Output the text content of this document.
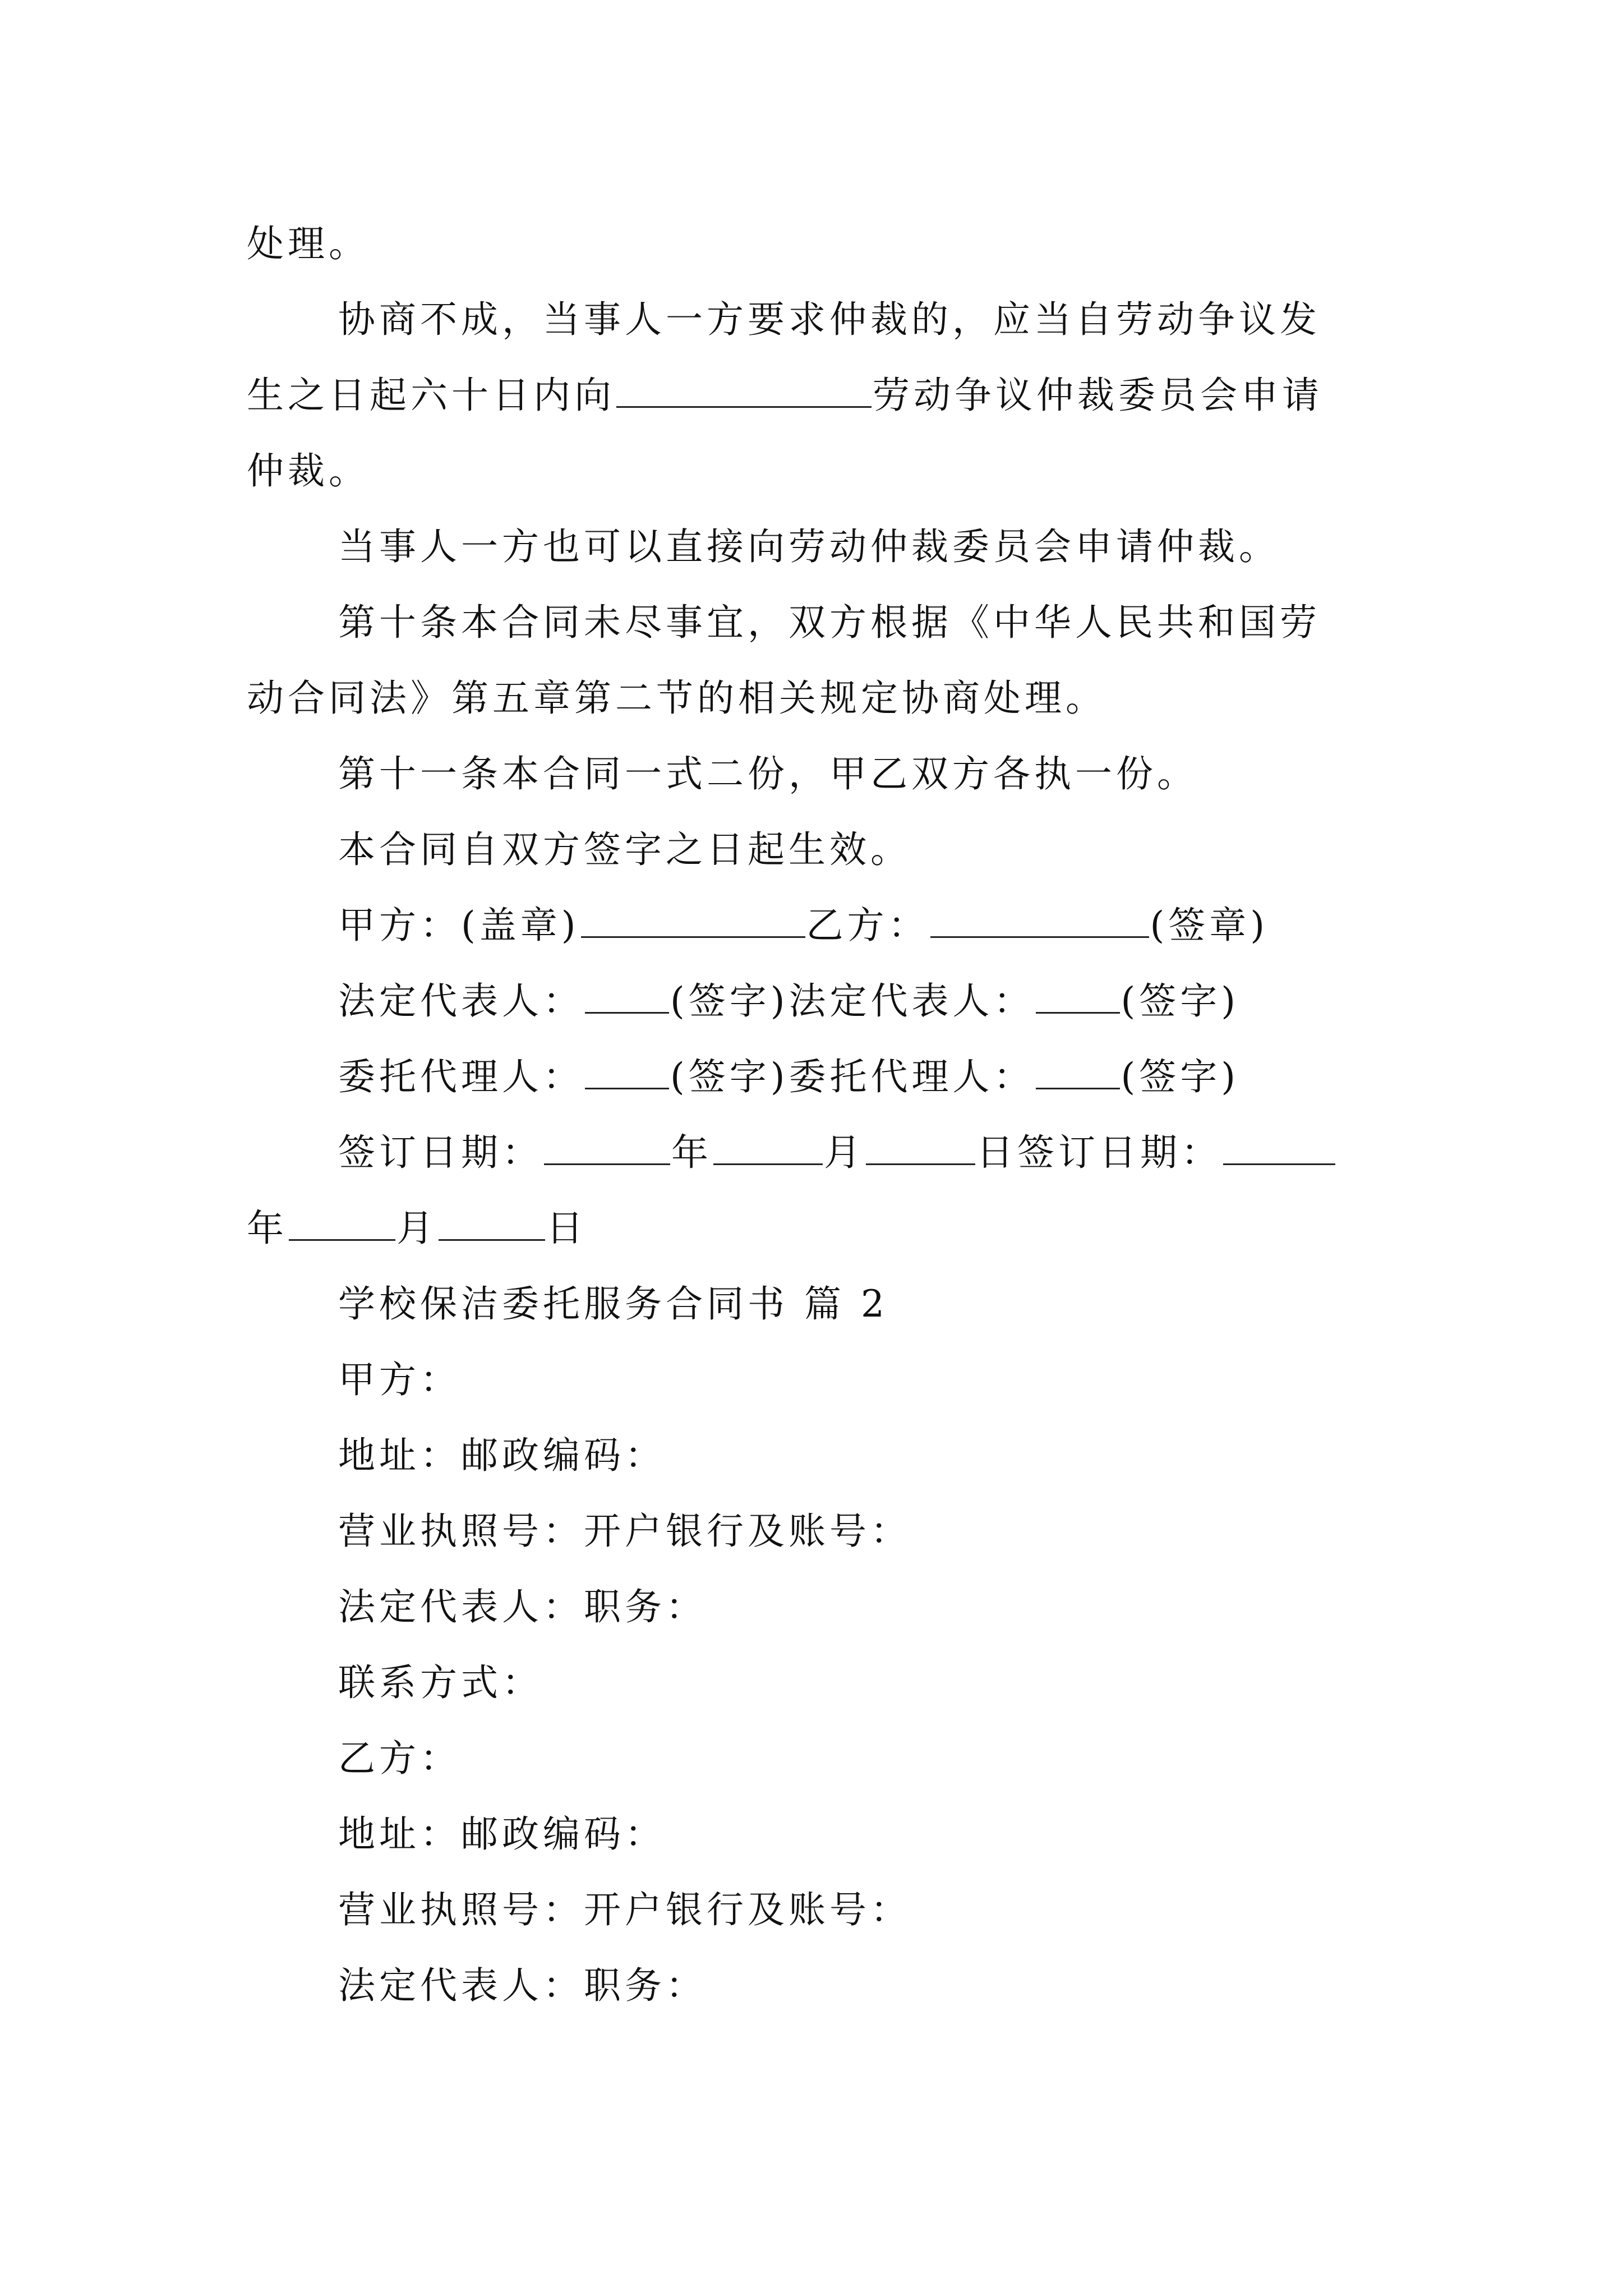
处理。
协商不成，当事人一方要求仲裁的，应当自劳动争议发
生之日起六十日内向	劳动争议仲裁委员会申请
仲裁。
当事人一方也可以直接向劳动仲裁委员会申请仲裁。
第十条本合同未尽事宜，双方根据《中华人民共和国劳
动合同法》第五章第二节的相关规定协商处理。
第十一条本合同一式二份，甲乙双方各执一份。
本合同自双方签字之日起生效。
甲方：(盖章)	乙方：	(签章)
法定代表人： (签字)法定代表人： (签字)
委托代理人： (签字)委托代理人： (签字)
签订日期：	年	月	日签订日期：
年	月	日
学校保洁委托服务合同书 篇 2
甲方：
地址：邮政编码：
营业执照号：开户银行及账号：
法定代表人：职务：
联系方式：
乙方：
地址：邮政编码：
营业执照号：开户银行及账号：
法定代表人：职务：
